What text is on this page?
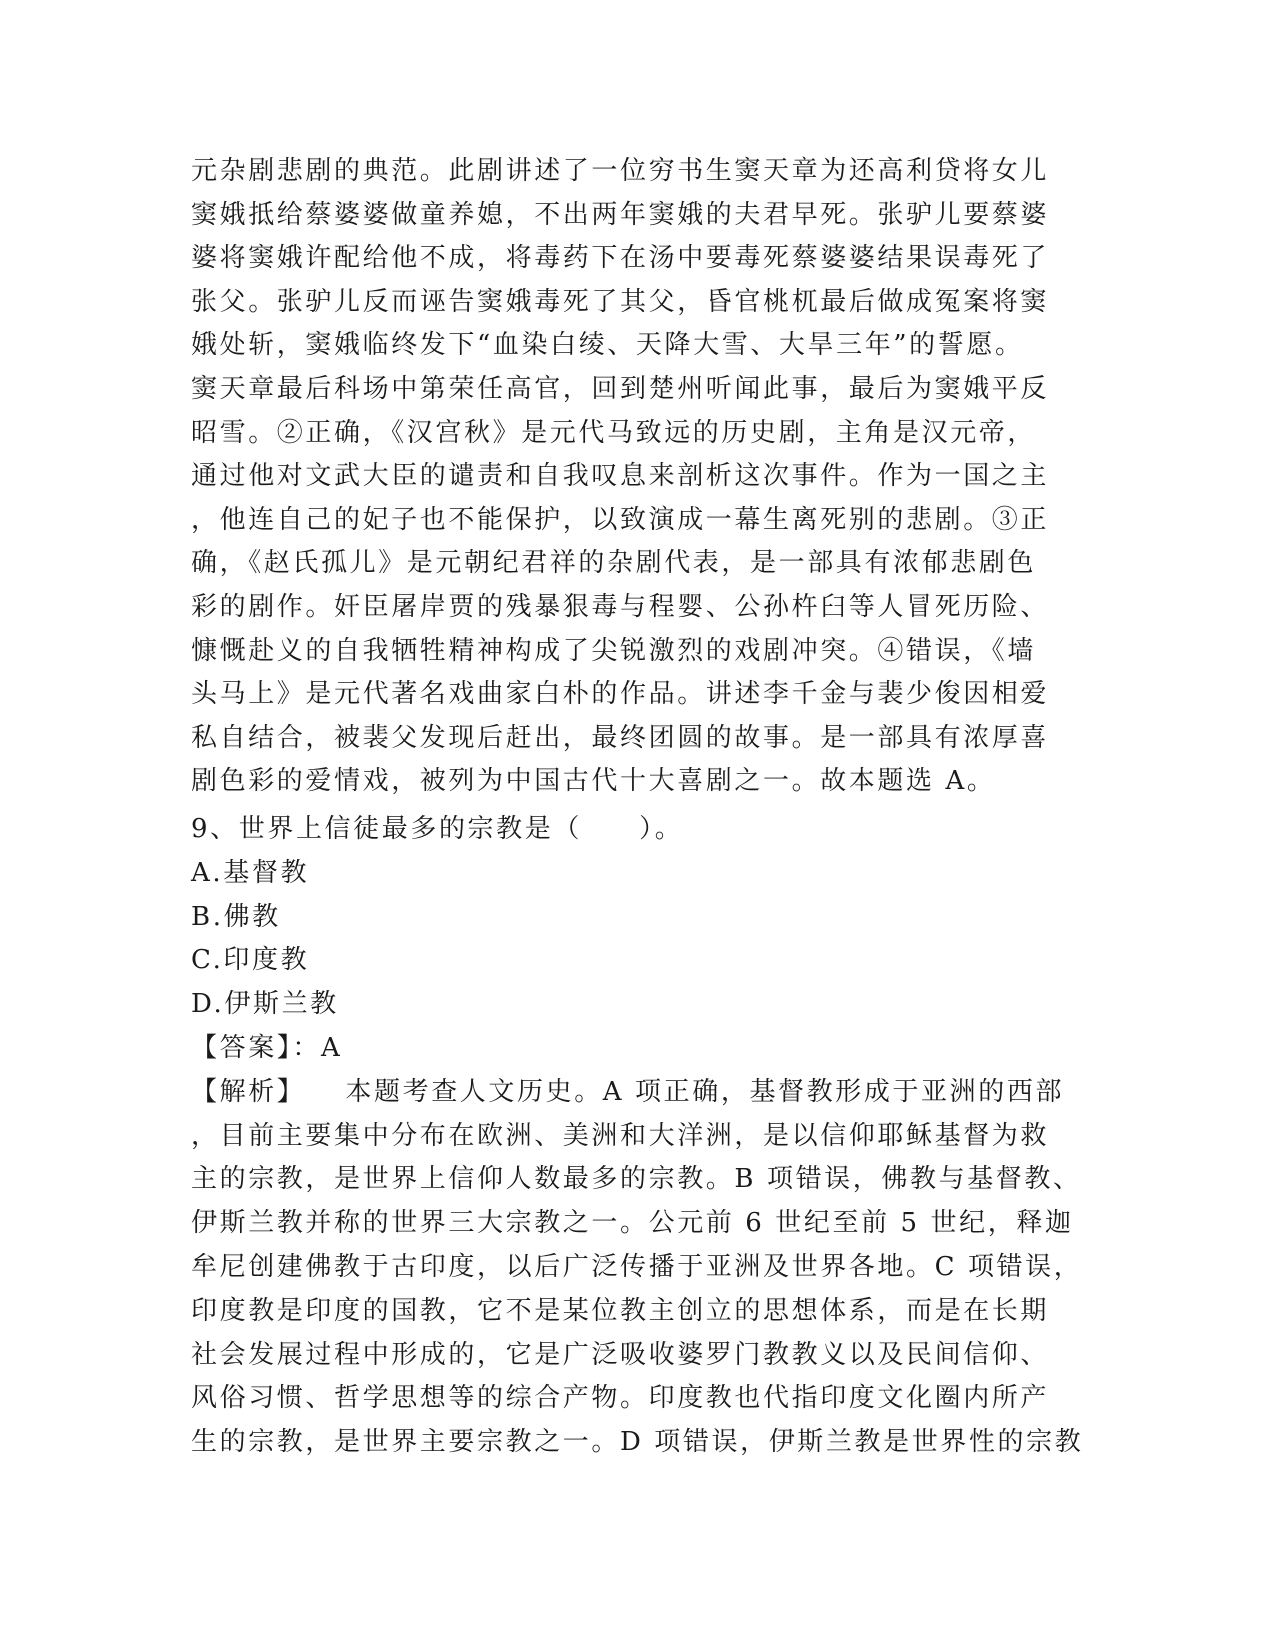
元杂剧悲剧的典范。此剧讲述了一位穷书生窦天章为还高利贷将女儿
窦娥抵给蔡婆婆做童养媳，不出两年窦娥的夫君早死。张驴儿要蔡婆
婆将窦娥许配给他不成，将毒药下在汤中要毒死蔡婆婆结果误毒死了
张父。张驴儿反而诬告窦娥毒死了其父，昏官桃杌最后做成冤案将窦
娥处斩，窦娥临终发下“血染白绫、天降大雪、大旱三年”的誓愿。
窦天章最后科场中第荣任高官，回到楚州听闻此事，最后为窦娥平反
昭雪。②正确，《汉宫秋》是元代马致远的历史剧，主角是汉元帝，
通过他对文武大臣的谴责和自我叹息来剖析这次事件。作为一国之主
，他连自己的妃子也不能保护，以致演成一幕生离死别的悲剧。③正
确，《赵氏孤儿》是元朝纪君祥的杂剧代表，是一部具有浓郁悲剧色
彩的剧作。奸臣屠岸贾的残暴狠毒与程婴、公孙杵臼等人冒死历险、
慷慨赴义的自我牺牲精神构成了尖锐激烈的戏剧冲突。④错误，《墙
头马上》是元代著名戏曲家白朴的作品。讲述李千金与裴少俊因相爱
私自结合，被裴父发现后赶出，最终团圆的故事。是一部具有浓厚喜
剧色彩的爱情戏，被列为中国古代十大喜剧之一。故本题选 A。
9、世界上信徒最多的宗教是（　　）。
A.基督教
B.佛教
C.印度教
D.伊斯兰教
【答案】：A
【解析】 本题考查人文历史。A 项正确，基督教形成于亚洲的西部
，目前主要集中分布在欧洲、美洲和大洋洲，是以信仰耶稣基督为救
主的宗教，是世界上信仰人数最多的宗教。B 项错误，佛教与基督教、
伊斯兰教并称的世界三大宗教之一。公元前 6 世纪至前 5 世纪，释迦
牟尼创建佛教于古印度，以后广泛传播于亚洲及世界各地。C 项错误，
印度教是印度的国教，它不是某位教主创立的思想体系，而是在长期
社会发展过程中形成的，它是广泛吸收婆罗门教教义以及民间信仰、
风俗习惯、哲学思想等的综合产物。印度教也代指印度文化圈内所产
生的宗教，是世界主要宗教之一。D 项错误，伊斯兰教是世界性的宗教
